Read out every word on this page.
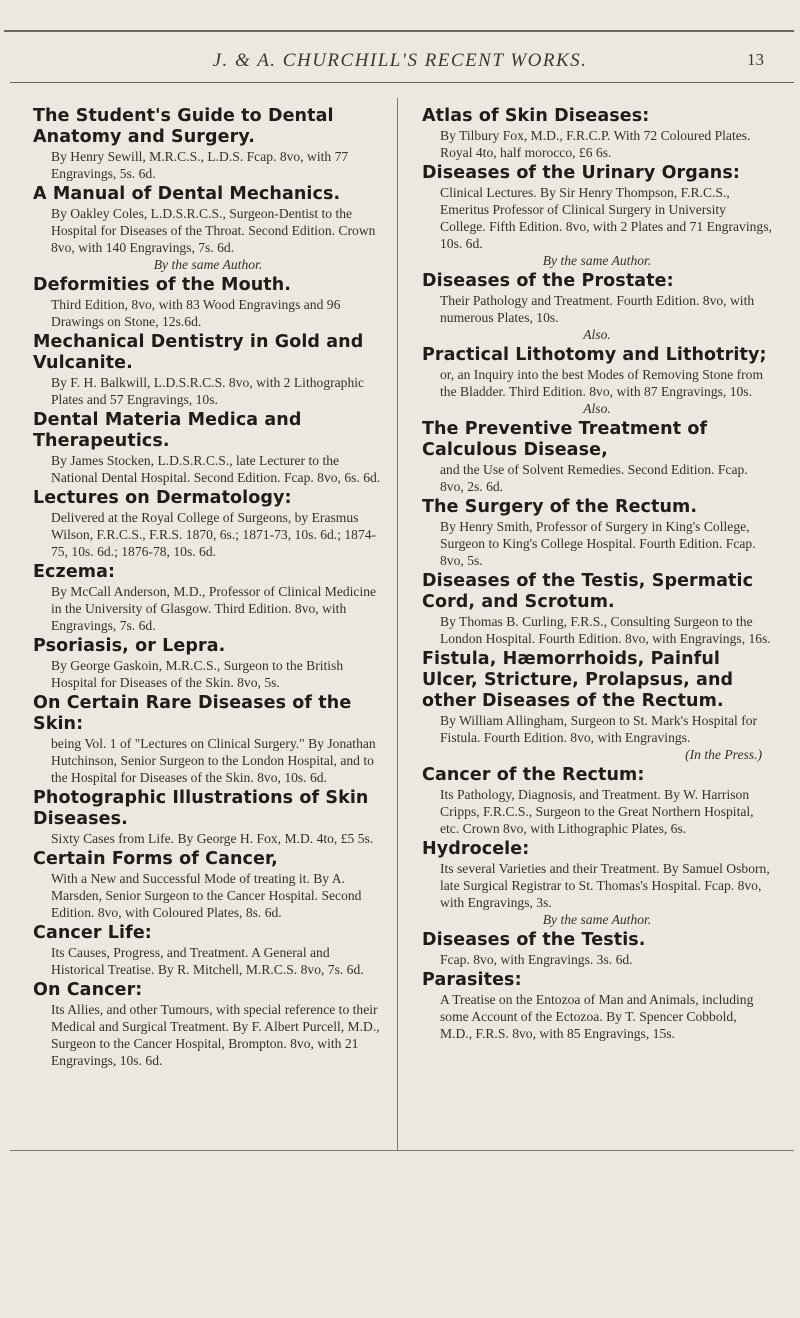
J. & A. CHURCHILL'S RECENT WORKS.	13
The Student's Guide to Dental Anatomy and Surgery.
By Henry Sewill, M.R.C.S., L.D.S. Fcap. 8vo, with 77 Engravings, 5s. 6d.
A Manual of Dental Mechanics.
By Oakley Coles, L.D.S.R.C.S., Surgeon-Dentist to the Hospital for Diseases of the Throat. Second Edition. Crown 8vo, with 140 Engravings, 7s. 6d.
By the same Author.
Deformities of the Mouth.
Third Edition, 8vo, with 83 Wood Engravings and 96 Drawings on Stone, 12s.6d.
Mechanical Dentistry in Gold and Vulcanite.
By F. H. Balkwill, L.D.S.R.C.S. 8vo, with 2 Lithographic Plates and 57 Engravings, 10s.
Dental Materia Medica and Therapeutics.
By James Stocken, L.D.S.R.C.S., late Lecturer to the National Dental Hospital. Second Edition. Fcap. 8vo, 6s. 6d.
Lectures on Dermatology:
Delivered at the Royal College of Surgeons, by Erasmus Wilson, F.R.C.S., F.R.S. 1870, 6s.; 1871-73, 10s. 6d.; 1874-75, 10s. 6d.; 1876-78, 10s. 6d.
Eczema:
By McCall Anderson, M.D., Professor of Clinical Medicine in the University of Glasgow. Third Edition. 8vo, with Engravings, 7s. 6d.
Psoriasis, or Lepra.
By George Gaskoin, M.R.C.S., Surgeon to the British Hospital for Diseases of the Skin. 8vo, 5s.
On Certain Rare Diseases of the Skin:
being Vol. 1 of "Lectures on Clinical Surgery." By Jonathan Hutchinson, Senior Surgeon to the London Hospital, and to the Hospital for Diseases of the Skin. 8vo, 10s. 6d.
Photographic Illustrations of Skin Diseases.
Sixty Cases from Life. By George H. Fox, M.D. 4to, £5 5s.
Certain Forms of Cancer,
With a New and Successful Mode of treating it. By A. Marsden, Senior Surgeon to the Cancer Hospital. Second Edition. 8vo, with Coloured Plates, 8s. 6d.
Cancer Life:
Its Causes, Progress, and Treatment. A General and Historical Treatise. By R. Mitchell, M.R.C.S. 8vo, 7s. 6d.
On Cancer:
Its Allies, and other Tumours, with special reference to their Medical and Surgical Treatment. By F. Albert Purcell, M.D., Surgeon to the Cancer Hospital, Brompton. 8vo, with 21 Engravings, 10s. 6d.
Atlas of Skin Diseases:
By Tilbury Fox, M.D., F.R.C.P. With 72 Coloured Plates. Royal 4to, half morocco, £6 6s.
Diseases of the Urinary Organs:
Clinical Lectures. By Sir Henry Thompson, F.R.C.S., Emeritus Professor of Clinical Surgery in University College. Fifth Edition. 8vo, with 2 Plates and 71 Engravings, 10s. 6d.
By the same Author.
Diseases of the Prostate:
Their Pathology and Treatment. Fourth Edition. 8vo, with numerous Plates, 10s.
Also.
Practical Lithotomy and Lithotrity;
or, an Inquiry into the best Modes of Removing Stone from the Bladder. Third Edition. 8vo, with 87 Engravings, 10s.
Also.
The Preventive Treatment of Calculous Disease,
and the Use of Solvent Remedies. Second Edition. Fcap. 8vo, 2s. 6d.
The Surgery of the Rectum.
By Henry Smith, Professor of Surgery in King's College, Surgeon to King's College Hospital. Fourth Edition. Fcap. 8vo, 5s.
Diseases of the Testis, Spermatic Cord, and Scrotum.
By Thomas B. Curling, F.R.S., Consulting Surgeon to the London Hospital. Fourth Edition. 8vo, with Engravings, 16s.
Fistula, Hæmorrhoids, Painful Ulcer, Stricture, Prolapsus, and other Diseases of the Rectum.
By William Allingham, Surgeon to St. Mark's Hospital for Fistula. Fourth Edition. 8vo, with Engravings.
(In the Press.)
Cancer of the Rectum:
Its Pathology, Diagnosis, and Treatment. By W. Harrison Cripps, F.R.C.S., Surgeon to the Great Northern Hospital, etc. Crown 8vo, with Lithographic Plates, 6s.
Hydrocele:
Its several Varieties and their Treatment. By Samuel Osborn, late Surgical Registrar to St. Thomas's Hospital. Fcap. 8vo, with Engravings, 3s.
By the same Author.
Diseases of the Testis.
Fcap. 8vo, with Engravings. 3s. 6d.
Parasites:
A Treatise on the Entozoa of Man and Animals, including some Account of the Ectozoa. By T. Spencer Cobbold, M.D., F.R.S. 8vo, with 85 Engravings, 15s.
